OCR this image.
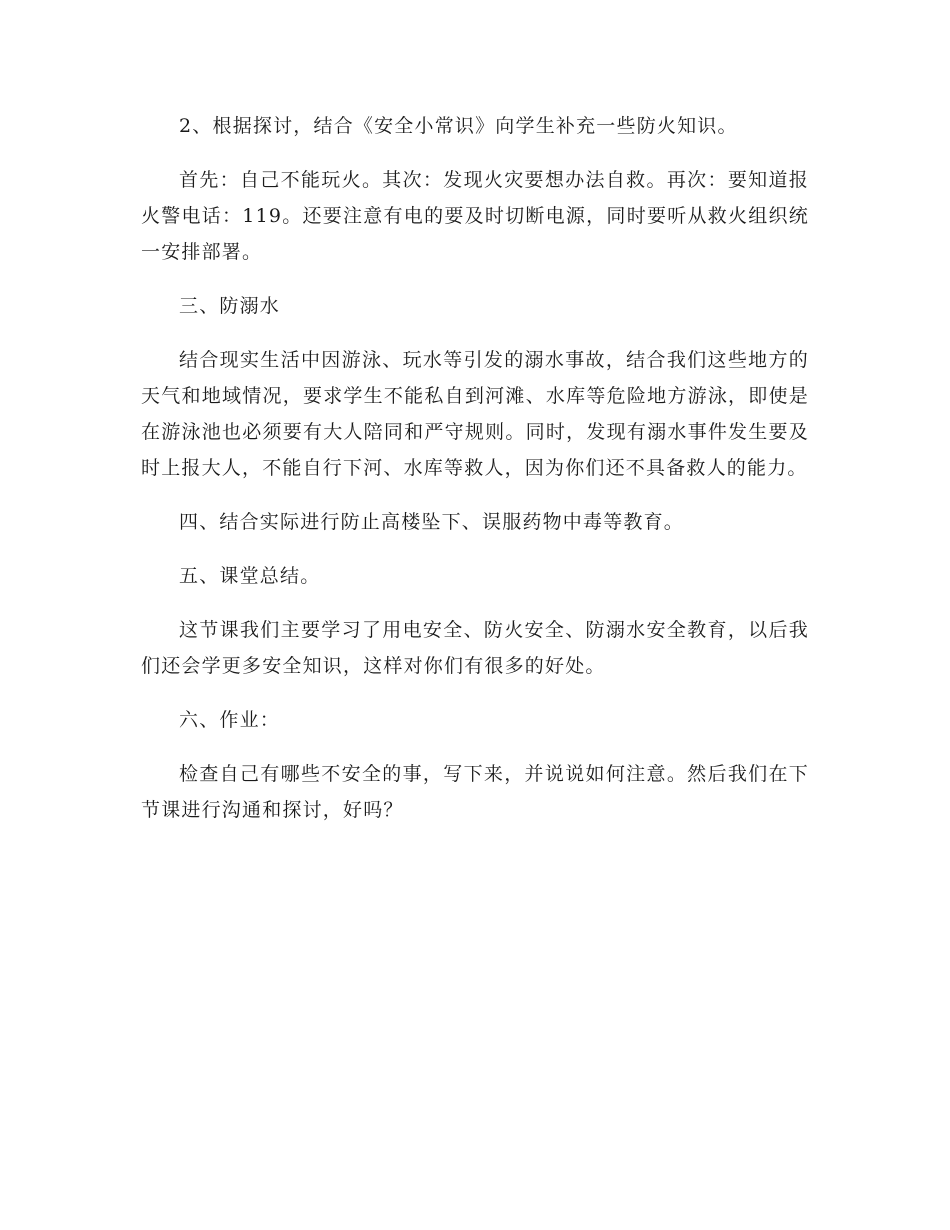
2、根据探讨，结合《安全小常识》向学生补充一些防火知识。

首先：自己不能玩火。其次：发现火灾要想办法自救。再次：要知道报火警电话：119。还要注意有电的要及时切断电源，同时要听从救火组织统一安排部署。

三、防溺水

结合现实生活中因游泳、玩水等引发的溺水事故，结合我们这些地方的天气和地域情况，要求学生不能私自到河滩、水库等危险地方游泳，即使是在游泳池也必须要有大人陪同和严守规则。同时，发现有溺水事件发生要及时上报大人，不能自行下河、水库等救人，因为你们还不具备救人的能力。

四、结合实际进行防止高楼坠下、误服药物中毒等教育。

五、课堂总结。

这节课我们主要学习了用电安全、防火安全、防溺水安全教育，以后我们还会学更多安全知识，这样对你们有很多的好处。

六、作业：

检查自己有哪些不安全的事，写下来，并说说如何注意。然后我们在下节课进行沟通和探讨，好吗？
